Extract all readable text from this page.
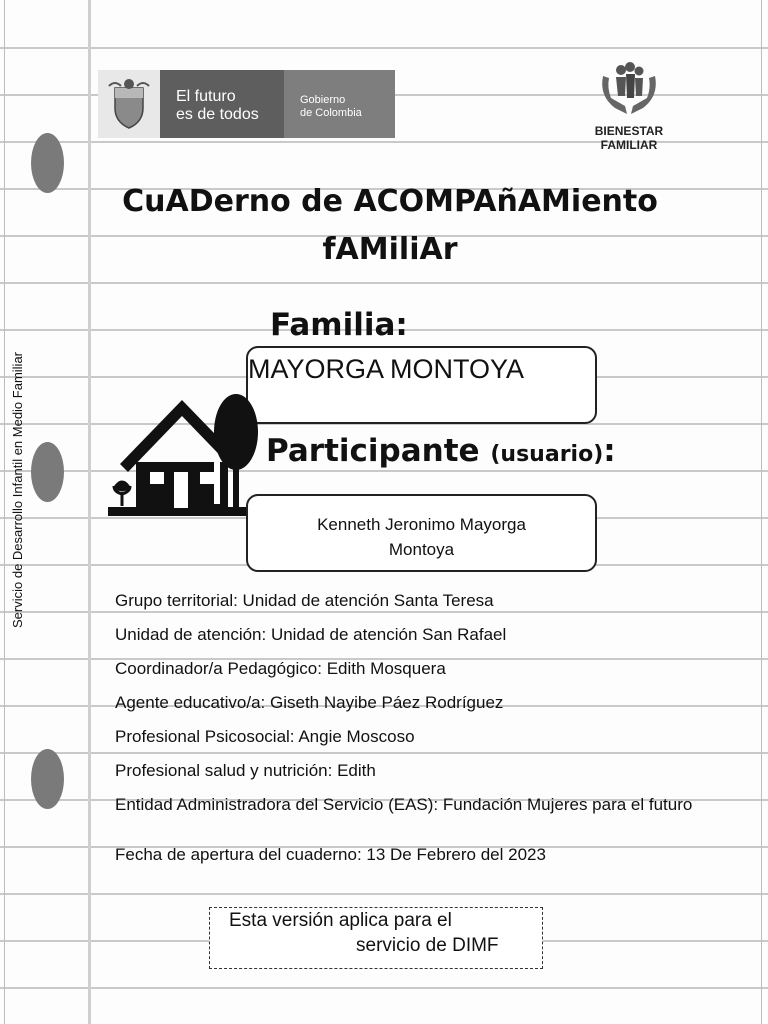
Servicio de Desarrollo Infantil en Medio Familiar
El futuro
es de todos
Gobierno
de Colombia
BIENESTAR
FAMILIAR
CuADerno de ACOMPAñAMiento
fAMiliAr
Familia:
MAYORGA MONTOYA
Participante (usuario):
Kenneth Jeronimo Mayorga
Montoya
Grupo territorial: Unidad de atención Santa Teresa
Unidad de atención: Unidad de atención San Rafael
Coordinador/a Pedagógico: Edith Mosquera
Agente educativo/a: Giseth Nayibe Páez Rodríguez
Profesional Psicosocial: Angie Moscoso
Profesional salud y nutrición: Edith
Entidad Administradora del Servicio (EAS): Fundación Mujeres para el futuro
Fecha de apertura del cuaderno: 13 De Febrero del 2023
Esta versión aplica para el
servicio de DIMF
